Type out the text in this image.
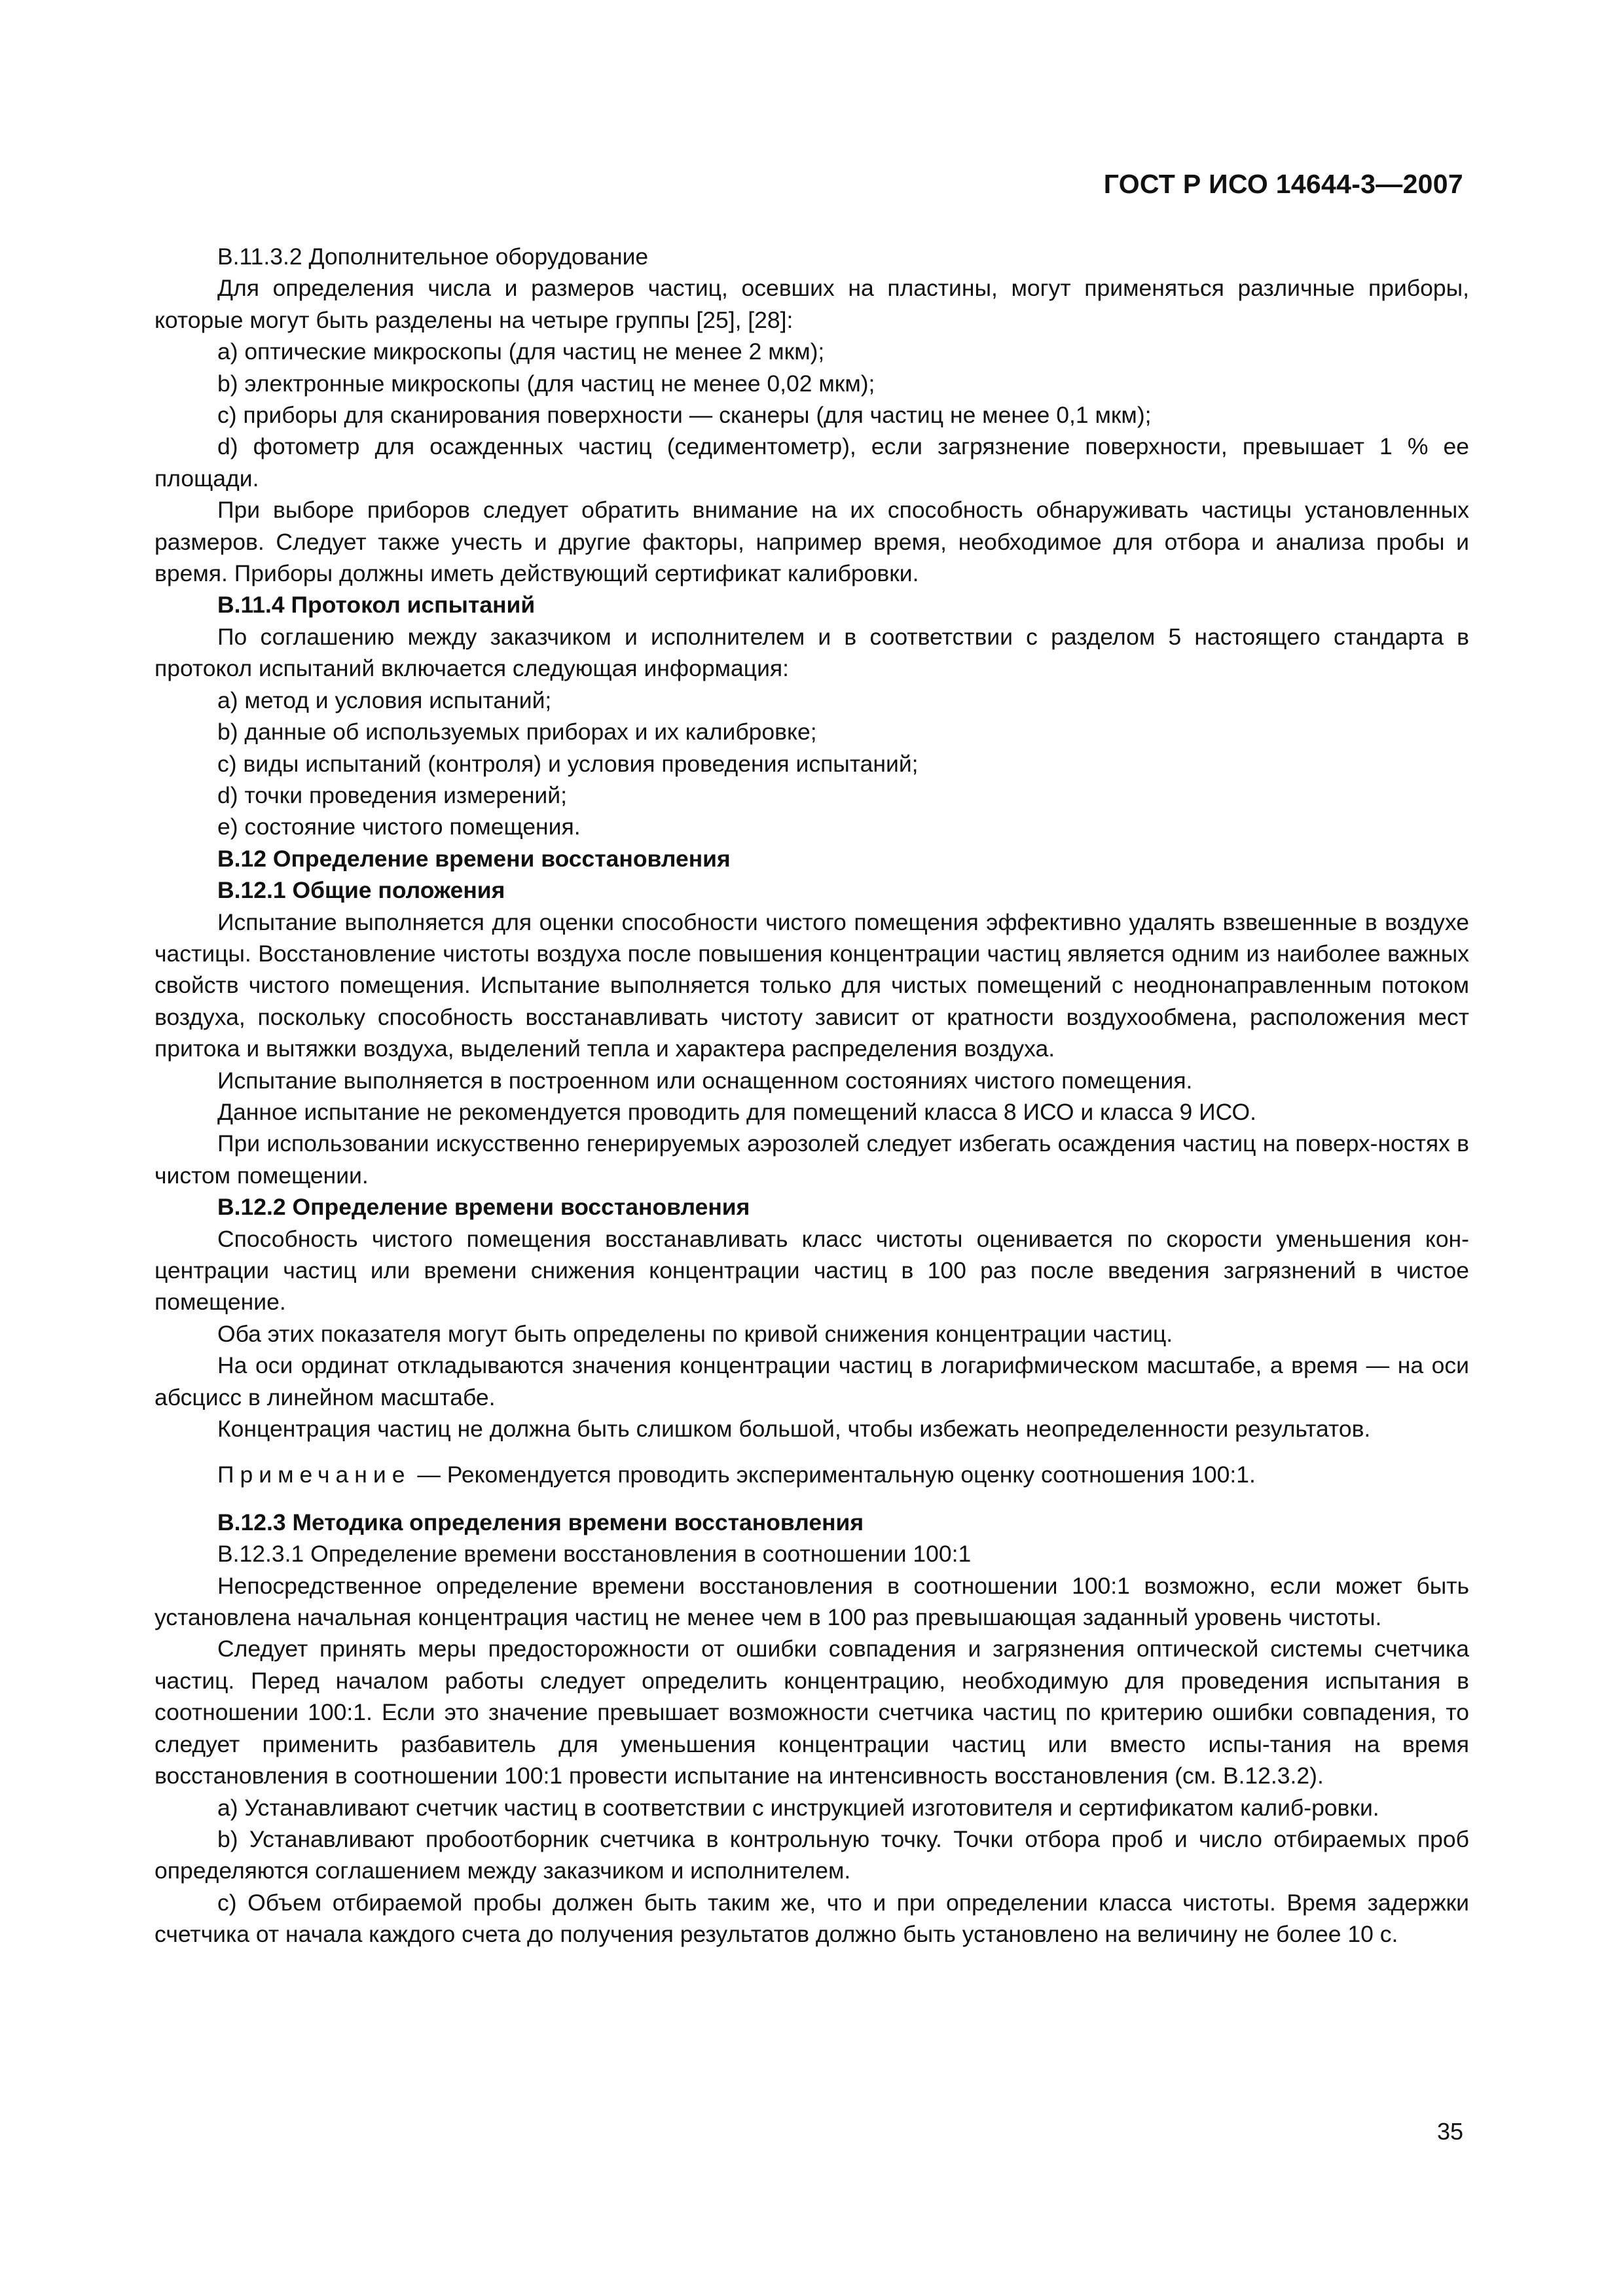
ГОСТ Р ИСО 14644-3—2007

B.11.3.2 Дополнительное оборудование

Для определения числа и размеров частиц, осевших на пластины, могут применяться различные приборы, которые могут быть разделены на четыре группы [25], [28]:

a) оптические микроскопы (для частиц не менее 2 мкм);

b) электронные микроскопы (для частиц не менее 0,02 мкм);

c) приборы для сканирования поверхности — сканеры (для частиц не менее 0,1 мкм);

d) фотометр для осажденных частиц (седиментометр), если загрязнение поверхности, превышает 1 % ее площади.

При выборе приборов следует обратить внимание на их способность обнаруживать частицы установленных размеров. Следует также учесть и другие факторы, например время, необходимое для отбора и анализа пробы и время. Приборы должны иметь действующий сертификат калибровки.

B.11.4 Протокол испытаний

По соглашению между заказчиком и исполнителем и в соответствии с разделом 5 настоящего стандарта в протокол испытаний включается следующая информация:

a) метод и условия испытаний;

b) данные об используемых приборах и их калибровке;

c) виды испытаний (контроля) и условия проведения испытаний;

d) точки проведения измерений;

e) состояние чистого помещения.

B.12 Определение времени восстановления

B.12.1 Общие положения

Испытание выполняется для оценки способности чистого помещения эффективно удалять взвешенные в воздухе частицы. Восстановление чистоты воздуха после повышения концентрации частиц является одним из наиболее важных свойств чистого помещения. Испытание выполняется только для чистых помещений с неоднонаправленным потоком воздуха, поскольку способность восстанавливать чистоту зависит от кратности воздухообмена, расположения мест притока и вытяжки воздуха, выделений тепла и характера распределения воздуха.

Испытание выполняется в построенном или оснащенном состояниях чистого помещения.

Данное испытание не рекомендуется проводить для помещений класса 8 ИСО и класса 9 ИСО.

При использовании искусственно генерируемых аэрозолей следует избегать осаждения частиц на поверх-ностях в чистом помещении.

B.12.2 Определение времени восстановления

Способность чистого помещения восстанавливать класс чистоты оценивается по скорости уменьшения кон-центрации частиц или времени снижения концентрации частиц в 100 раз после введения загрязнений в чистое помещение.

Оба этих показателя могут быть определены по кривой снижения концентрации частиц.

На оси ординат откладываются значения концентрации частиц в логарифмическом масштабе, а время — на оси абсцисс в линейном масштабе.

Концентрация частиц не должна быть слишком большой, чтобы избежать неопределенности результатов.

Примечание — Рекомендуется проводить экспериментальную оценку соотношения 100:1.

B.12.3 Методика определения времени восстановления

B.12.3.1 Определение времени восстановления в соотношении 100:1

Непосредственное определение времени восстановления в соотношении 100:1 возможно, если может быть установлена начальная концентрация частиц не менее чем в 100 раз превышающая заданный уровень чистоты.

Следует принять меры предосторожности от ошибки совпадения и загрязнения оптической системы счетчика частиц. Перед началом работы следует определить концентрацию, необходимую для проведения испытания в соотношении 100:1. Если это значение превышает возможности счетчика частиц по критерию ошибки совпадения, то следует применить разбавитель для уменьшения концентрации частиц или вместо испы-тания на время восстановления в соотношении 100:1 провести испытание на интенсивность восстановления (см. B.12.3.2).

a) Устанавливают счетчик частиц в соответствии с инструкцией изготовителя и сертификатом калиб-ровки.

b) Устанавливают пробоотборник счетчика в контрольную точку. Точки отбора проб и число отбираемых проб определяются соглашением между заказчиком и исполнителем.

c) Объем отбираемой пробы должен быть таким же, что и при определении класса чистоты. Время задержки счетчика от начала каждого счета до получения результатов должно быть установлено на величину не более 10 с.

35
